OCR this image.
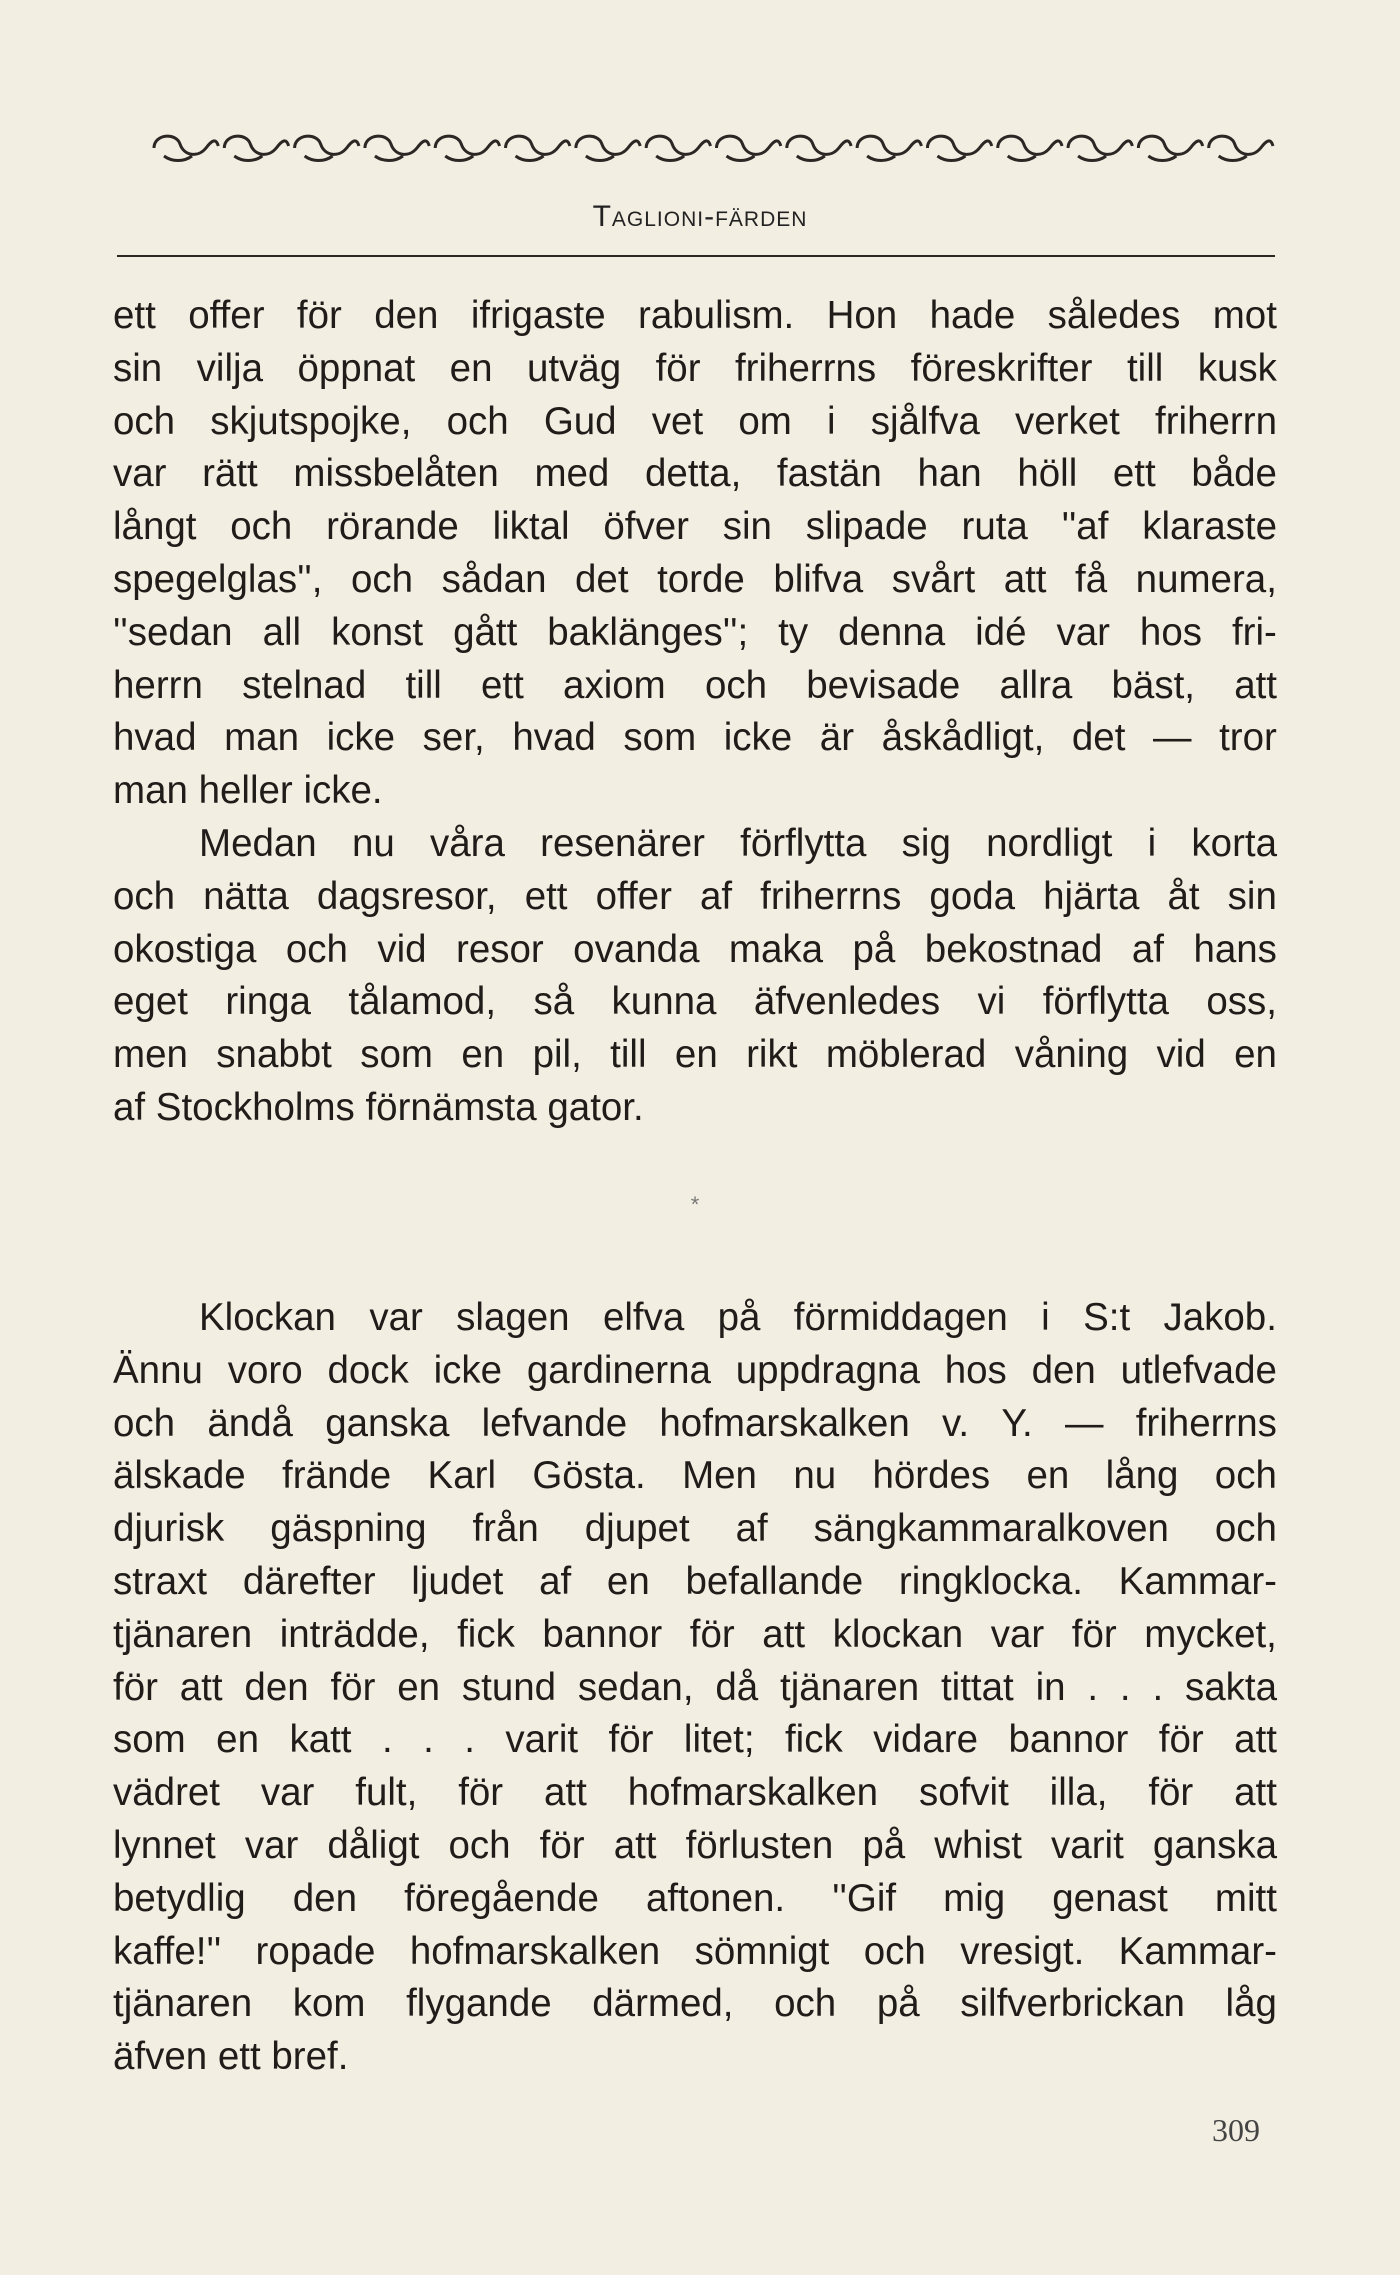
Taglioni-färden
ett offer för den ifrigaste rabulism. Hon hade således mot
sin vilja öppnat en utväg för friherrns föreskrifter till kusk
och skjutspojke, och Gud vet om i sjålfva verket friherrn
var rätt missbelåten med detta, fastän han höll ett både
långt och rörande liktal öfver sin slipade ruta ''af klaraste
spegelglas'', och sådan det torde blifva svårt att få numera,
''sedan all konst gått baklänges''; ty denna idé var hos fri-
herrn stelnad till ett axiom och bevisade allra bäst, att
hvad man icke ser, hvad som icke är åskådligt, det — tror
man heller icke.
Medan nu våra resenärer förflytta sig nordligt i korta
och nätta dagsresor, ett offer af friherrns goda hjärta åt sin
okostiga och vid resor ovanda maka på bekostnad af hans
eget ringa tålamod, så kunna äfvenledes vi förflytta oss,
men snabbt som en pil, till en rikt möblerad våning vid en
af Stockholms förnämsta gator.
*
Klockan var slagen elfva på förmiddagen i S:t Jakob.
Ännu voro dock icke gardinerna uppdragna hos den utlefvade
och ändå ganska lefvande hofmarskalken v. Y. — friherrns
älskade frände Karl Gösta. Men nu hördes en lång och
djurisk gäspning från djupet af sängkammaralkoven och
straxt därefter ljudet af en befallande ringklocka. Kammar-
tjänaren inträdde, fick bannor för att klockan var för mycket,
för att den för en stund sedan, då tjänaren tittat in . . . sakta
som en katt . . . varit för litet; fick vidare bannor för att
vädret var fult, för att hofmarskalken sofvit illa, för att
lynnet var dåligt och för att förlusten på whist varit ganska
betydlig den föregående aftonen. ''Gif mig genast mitt
kaffe!'' ropade hofmarskalken sömnigt och vresigt. Kammar-
tjänaren kom flygande därmed, och på silfverbrickan låg
äfven ett bref.
309
